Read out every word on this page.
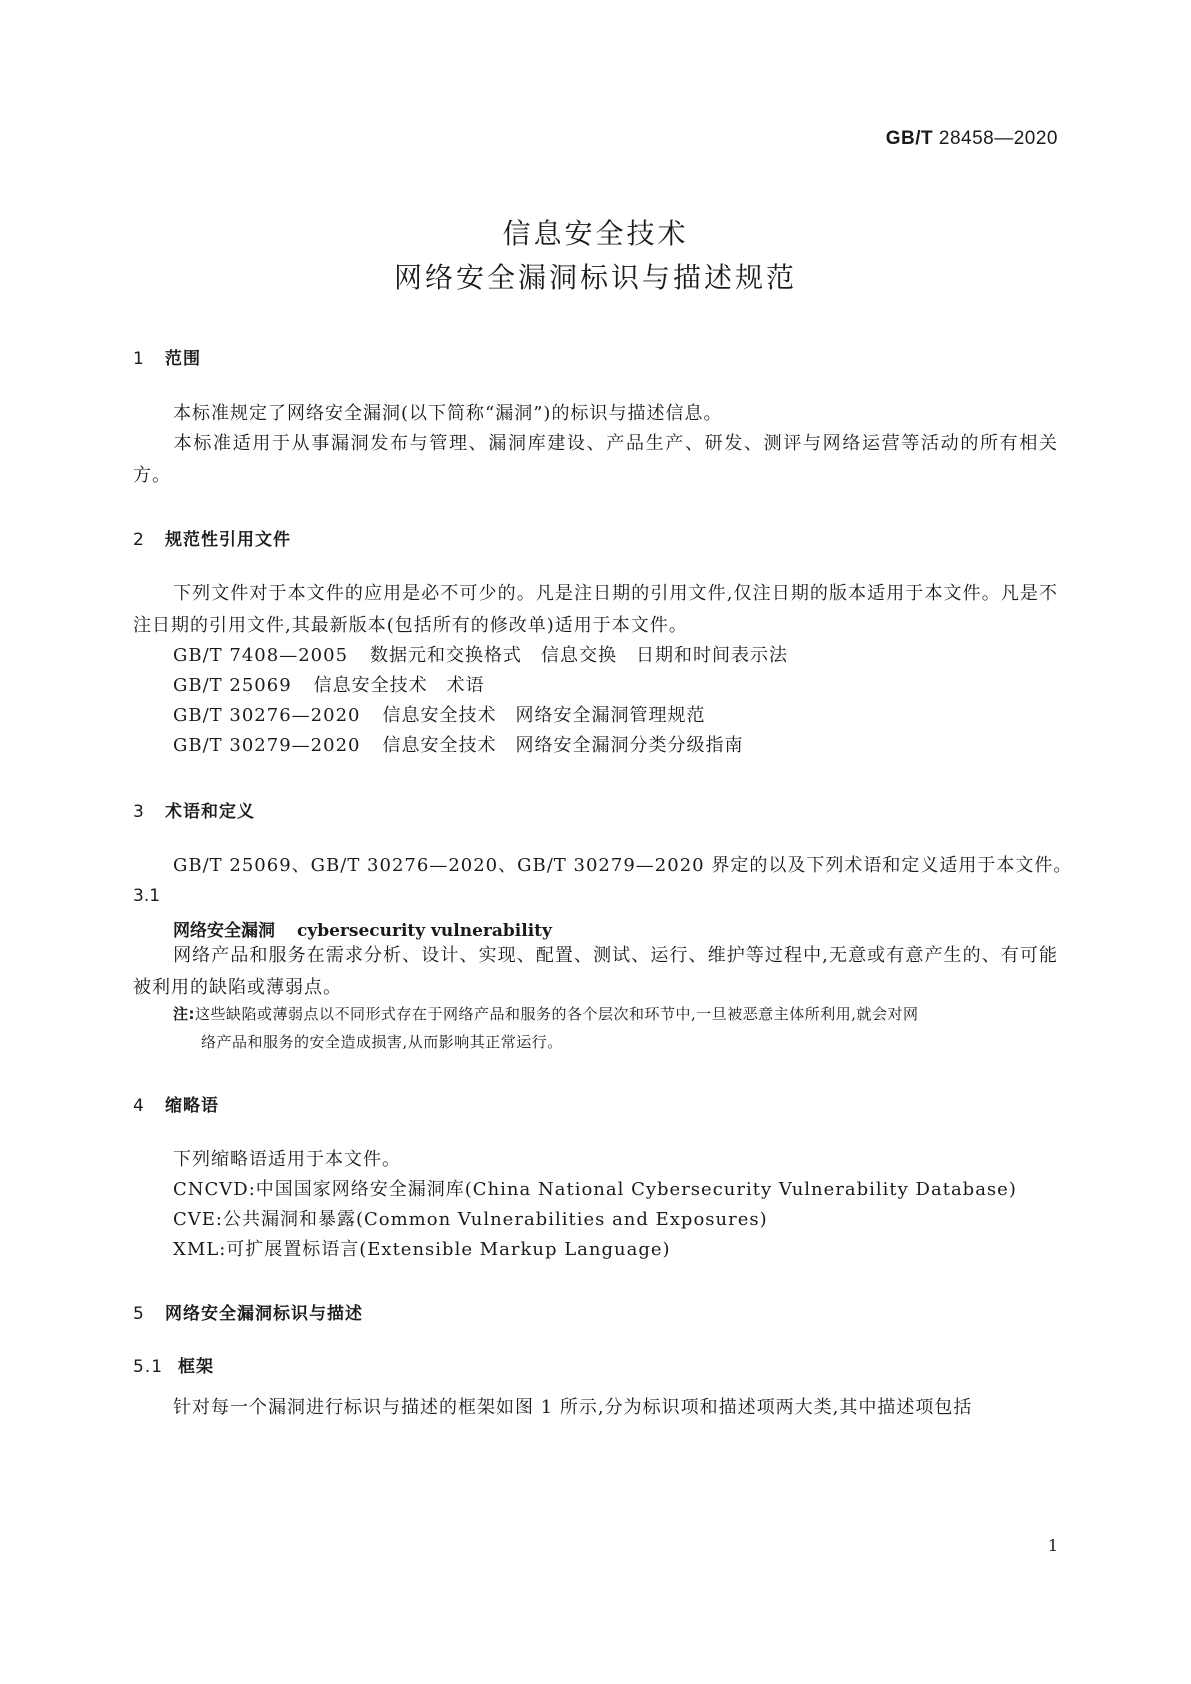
GB/T 28458—2020
信息安全技术
网络安全漏洞标识与描述规范
1 范围
本标准规定了网络安全漏洞(以下简称“漏洞”)的标识与描述信息。
本标准适用于从事漏洞发布与管理、漏洞库建设、产品生产、研发、测评与网络运营等活动的所有相关方。
2 规范性引用文件
下列文件对于本文件的应用是必不可少的。凡是注日期的引用文件,仅注日期的版本适用于本文件。凡是不注日期的引用文件,其最新版本(包括所有的修改单)适用于本文件。
GB/T 7408—2005 数据元和交换格式　信息交换　日期和时间表示法
GB/T 25069 信息安全技术　术语
GB/T 30276—2020 信息安全技术　网络安全漏洞管理规范
GB/T 30279—2020 信息安全技术　网络安全漏洞分类分级指南
3 术语和定义
GB/T 25069、GB/T 30276—2020、GB/T 30279—2020 界定的以及下列术语和定义适用于本文件。
3.1
网络安全漏洞 cybersecurity vulnerability
网络产品和服务在需求分析、设计、实现、配置、测试、运行、维护等过程中,无意或有意产生的、有可能被利用的缺陷或薄弱点。
注:这些缺陷或薄弱点以不同形式存在于网络产品和服务的各个层次和环节中,一旦被恶意主体所利用,就会对网
络产品和服务的安全造成损害,从而影响其正常运行。
4 缩略语
下列缩略语适用于本文件。
CNCVD:中国国家网络安全漏洞库(China National Cybersecurity Vulnerability Database)
CVE:公共漏洞和暴露(Common Vulnerabilities and Exposures)
XML:可扩展置标语言(Extensible Markup Language)
5 网络安全漏洞标识与描述
5.1 框架
针对每一个漏洞进行标识与描述的框架如图 1 所示,分为标识项和描述项两大类,其中描述项包括
1
